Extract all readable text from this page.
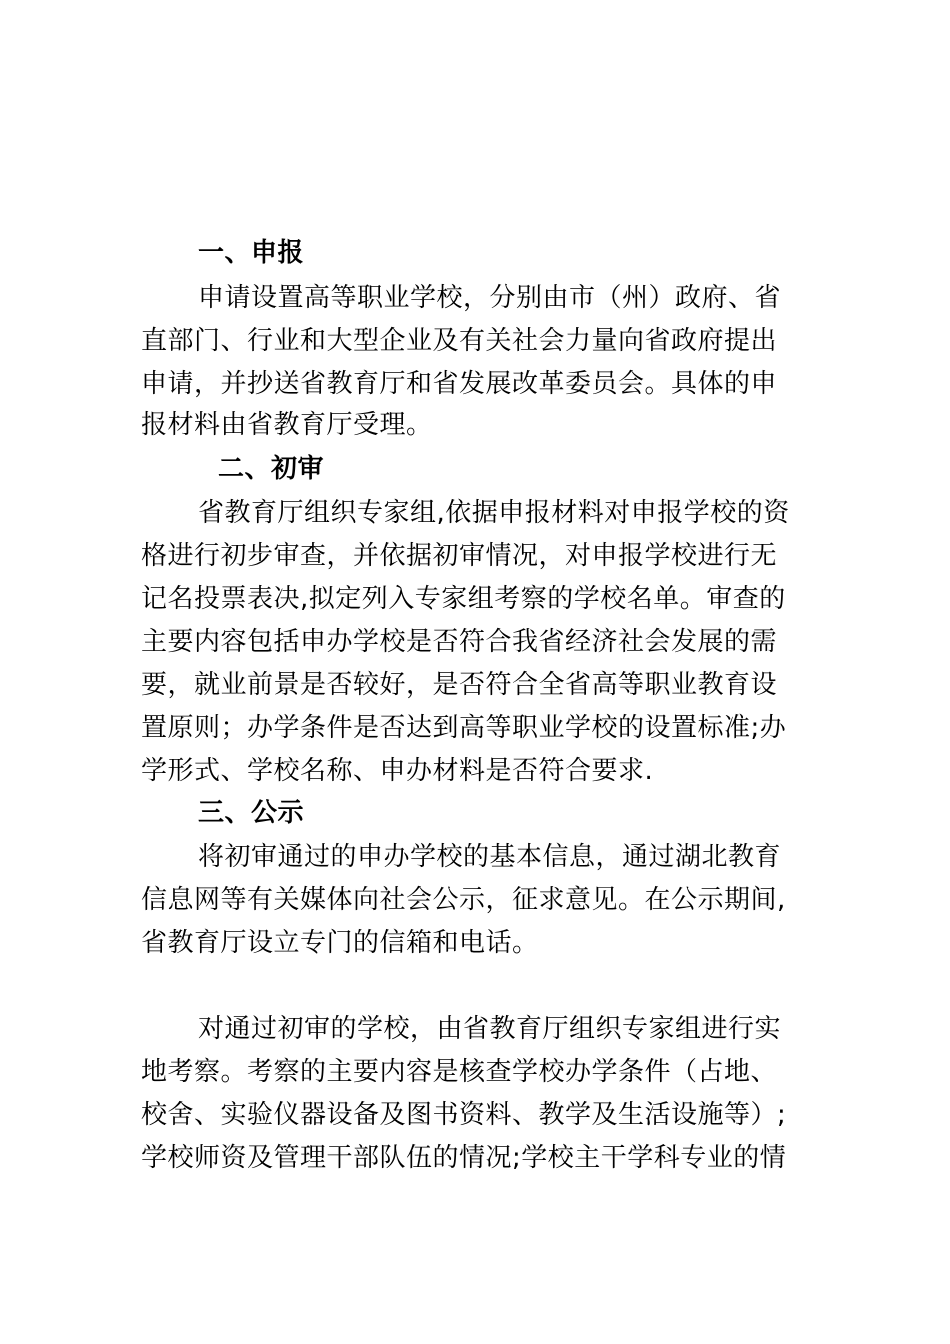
一、申报
申请设置高等职业学校，分别由市（州）政府、省
直部门、行业和大型企业及有关社会力量向省政府提出
申请，并抄送省教育厅和省发展改革委员会。具体的申
报材料由省教育厅受理。
二、初审
省教育厅组织专家组,依据申报材料对申报学校的资
格进行初步审查，并依据初审情况，对申报学校进行无
记名投票表决,拟定列入专家组考察的学校名单。审查的
主要内容包括申办学校是否符合我省经济社会发展的需
要，就业前景是否较好，是否符合全省高等职业教育设
置原则；办学条件是否达到高等职业学校的设置标准;办
学形式、学校名称、申办材料是否符合要求.
三、公示
将初审通过的申办学校的基本信息，通过湖北教育
信息网等有关媒体向社会公示，征求意见。在公示期间,
省教育厅设立专门的信箱和电话。
对通过初审的学校，由省教育厅组织专家组进行实
地考察。考察的主要内容是核查学校办学条件（占地、
校舍、实验仪器设备及图书资料、教学及生活设施等）;
学校师资及管理干部队伍的情况;学校主干学科专业的情
